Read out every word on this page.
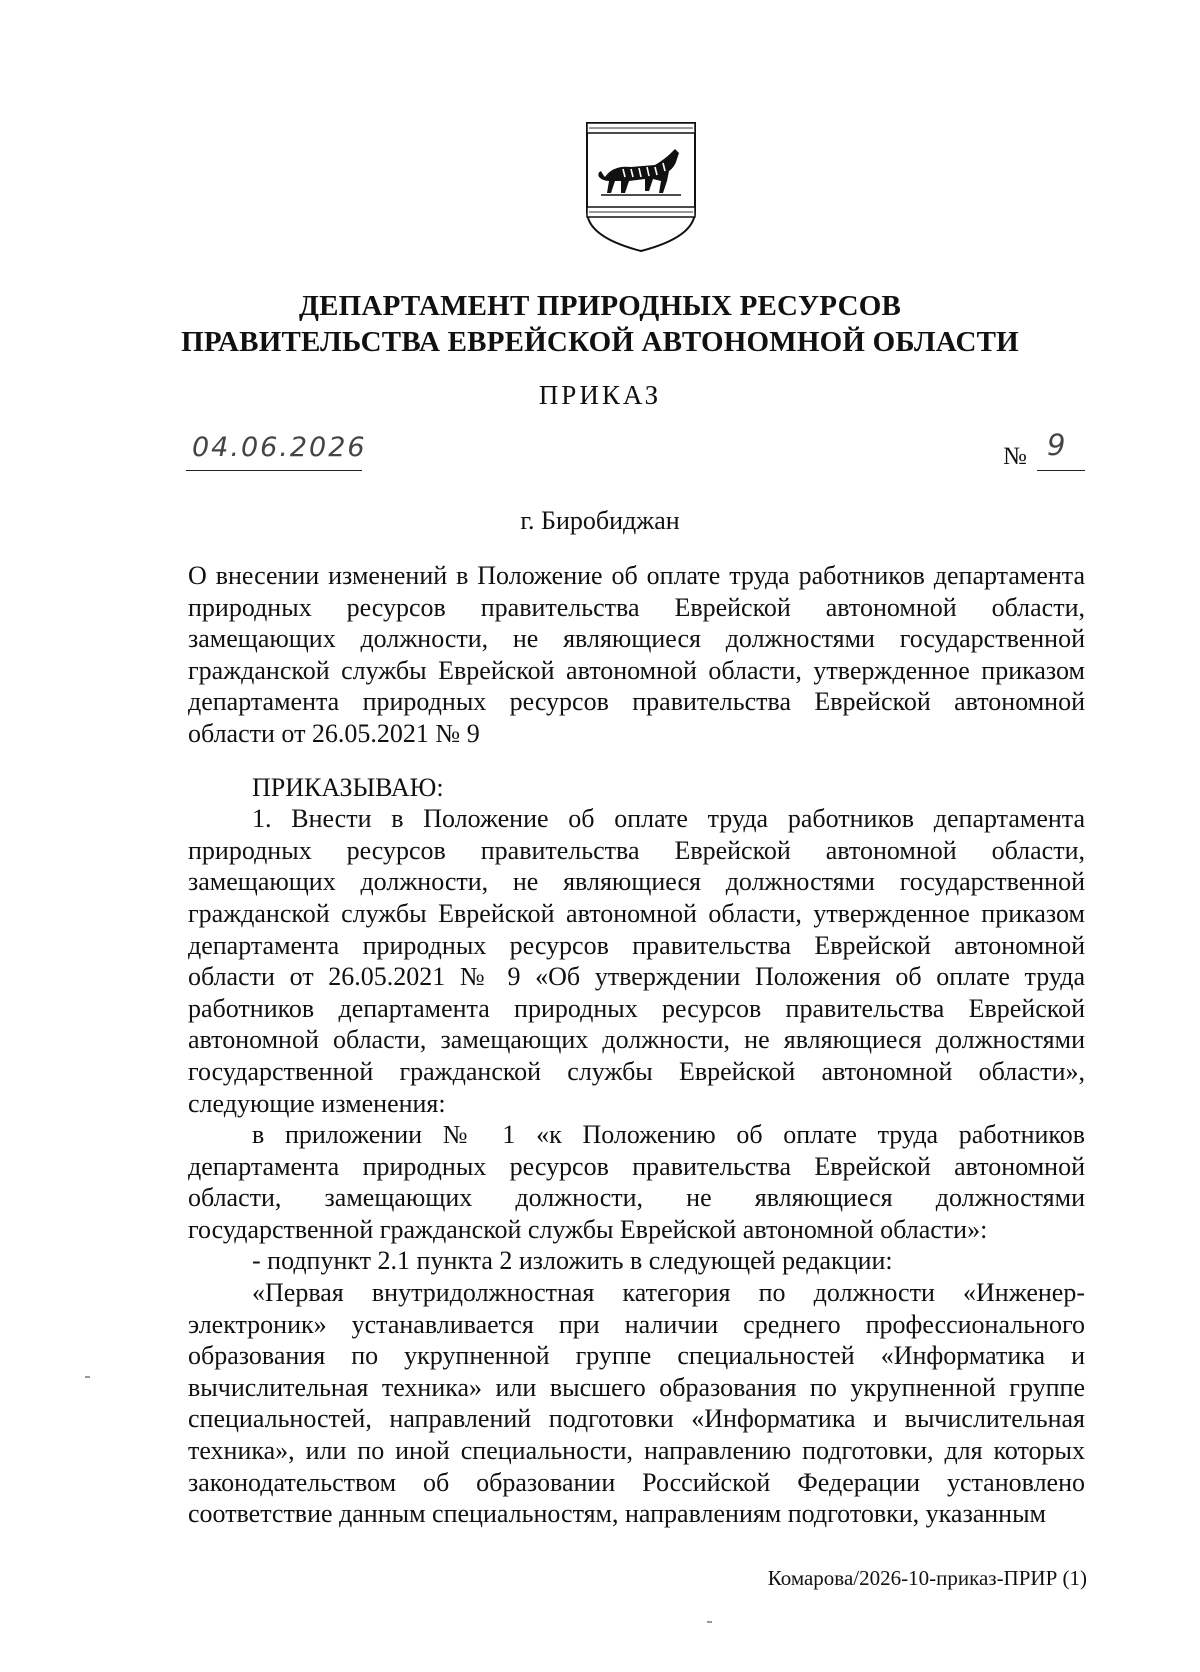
ДЕПАРТАМЕНТ ПРИРОДНЫХ РЕСУРСОВ
ПРАВИТЕЛЬСТВА ЕВРЕЙСКОЙ АВТОНОМНОЙ ОБЛАСТИ
ПРИКАЗ
04.06.2026	№ 9
г. Биробиджан

О внесении изменений в Положение об оплате труда работников департамента природных ресурсов правительства Еврейской автономной области, замещающих должности, не являющиеся должностями государственной гражданской службы Еврейской автономной области, утвержденное приказом департамента природных ресурсов правительства Еврейской автономной области от 26.05.2021 № 9

ПРИКАЗЫВАЮ:

1. Внести в Положение об оплате труда работников департамента природных ресурсов правительства Еврейской автономной области, замещающих должности, не являющиеся должностями государственной гражданской службы Еврейской автономной области, утвержденное приказом департамента природных ресурсов правительства Еврейской автономной области от 26.05.2021 № 9 «Об утверждении Положения об оплате труда работников департамента природных ресурсов правительства Еврейской автономной области, замещающих должности, не являющиеся должностями государственной гражданской службы Еврейской автономной области», следующие изменения:

в приложении № 1 «к Положению об оплате труда работников департамента природных ресурсов правительства Еврейской автономной области, замещающих должности, не являющиеся должностями государственной гражданской службы Еврейской автономной области»:

- подпункт 2.1 пункта 2 изложить в следующей редакции:

«Первая внутридолжностная категория по должности «Инженер-электроник» устанавливается при наличии среднего профессионального образования по укрупненной группе специальностей «Информатика и вычислительная техника» или высшего образования по укрупненной группе специальностей, направлений подготовки «Информатика и вычислительная техника», или по иной специальности, направлению подготовки, для которых законодательством об образовании Российской Федерации установлено соответствие данным специальностям, направлениям подготовки, указанным

Комарова/2026-10-приказ-ПРИР (1)
